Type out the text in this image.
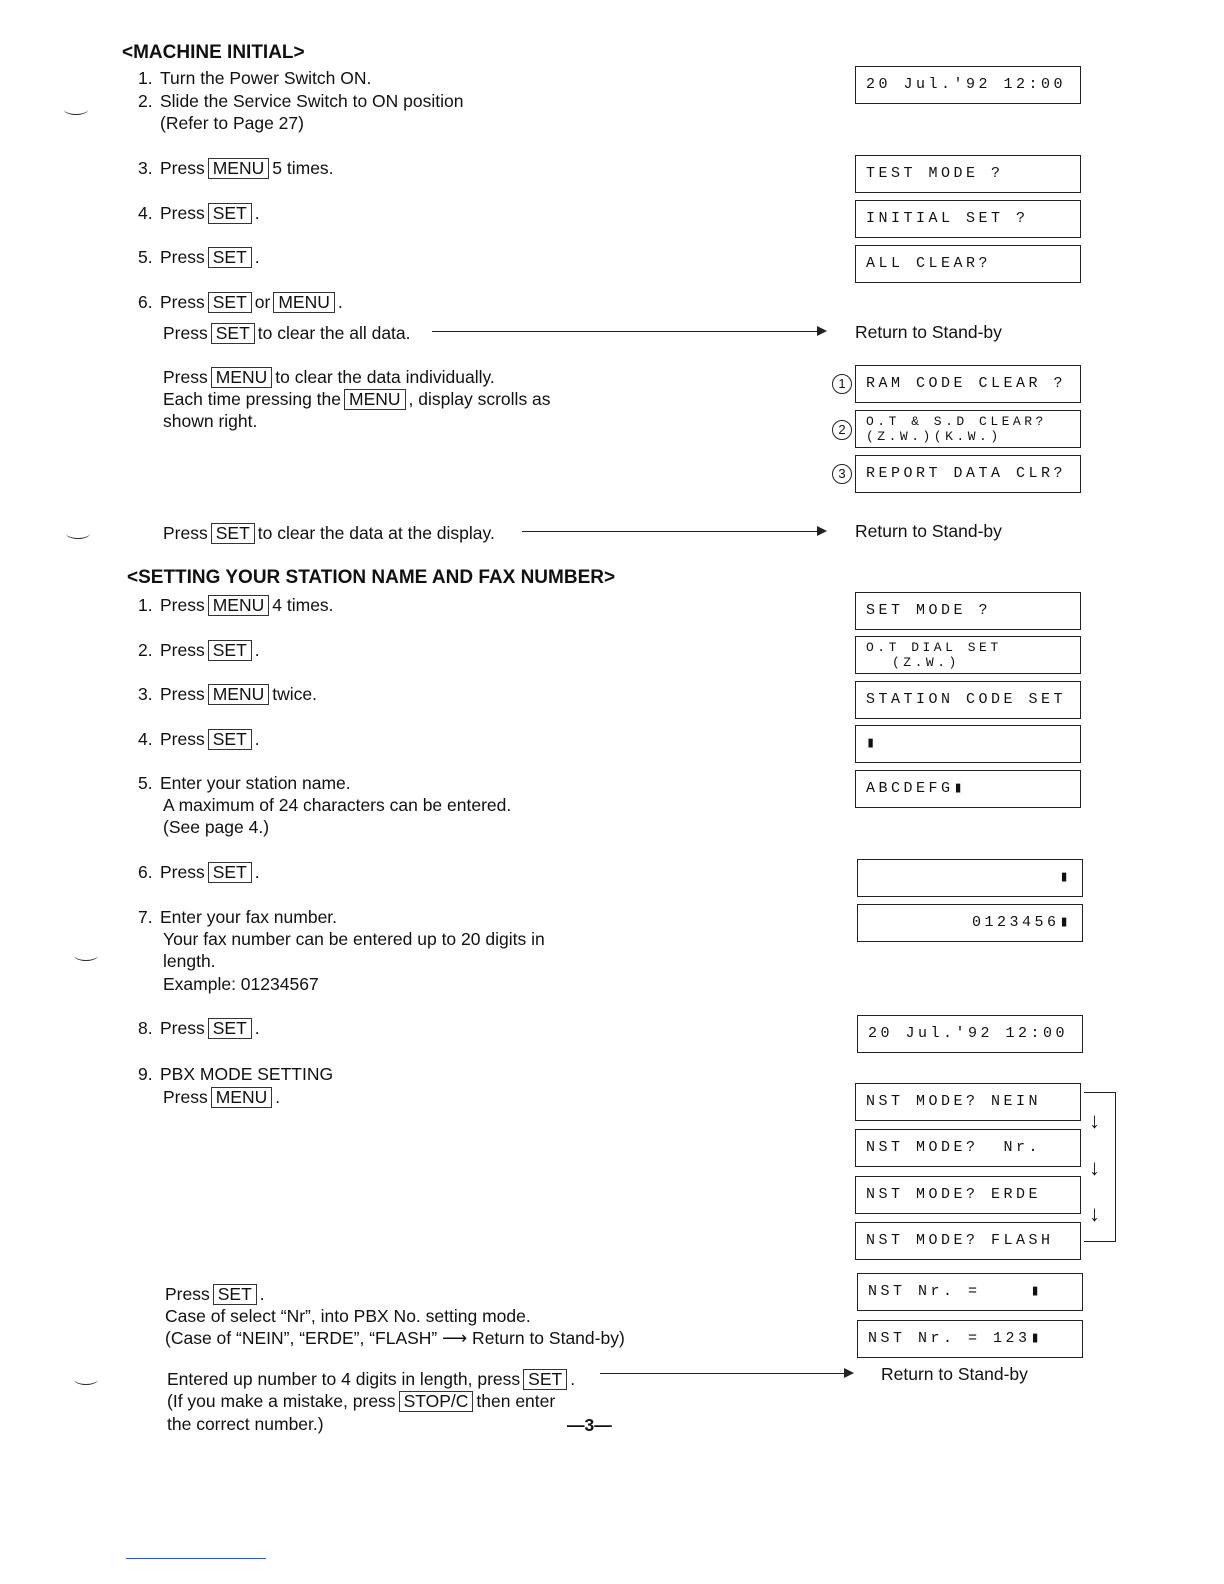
<MACHINE INITIAL>
1. Turn the Power Switch ON.
2. Slide the Service Switch to ON position
(Refer to Page 27)
3. Press MENU 5 times.
4. Press SET .
5. Press SET .
6. Press SET or MENU .
Press SET to clear the all data.	Return to Stand-by
Press MENU to clear the data individually.
Each time pressing the MENU , display scrolls as
shown right.
Press SET to clear the data at the display.	Return to Stand-by
20 Jul.'92 12:00
TEST MODE ?
INITIAL SET ?
ALL CLEAR?
1	RAM CODE CLEAR ?
2
O.T & S.D CLEAR?
(Z.W.)(K.W.)
3	REPORT DATA CLR?
<SETTING YOUR STATION NAME AND FAX NUMBER>
1. Press MENU 4 times.
2. Press SET .
3. Press MENU twice.
4. Press SET .
5. Enter your station name.
A maximum of 24 characters can be entered.
(See page 4.)
6. Press SET .
7. Enter your fax number.
Your fax number can be entered up to 20 digits in
length.
Example: 01234567
8. Press SET .
9. PBX MODE SETTING
Press MENU .
Press SET .
Case of select “Nr”, into PBX No. setting mode.
(Case of “NEIN”, “ERDE”, “FLASH” ⟶ Return to Stand-by)
Entered up number to 4 digits in length, press SET .	Return to Stand-by
(If you make a mistake, press STOP/C then enter
the correct number.)	—3—
SET MODE ?
O.T DIAL SET
(Z.W.)
STATION CODE SET
▮
ABCDEFG▮
▮
0123456▮
20 Jul.'92 12:00
NST MODE? NEIN
NST MODE?  Nr.
NST MODE? ERDE
NST MODE? FLASH
↓
↓
↓
NST Nr. =    ▮
NST Nr. = 123▮
